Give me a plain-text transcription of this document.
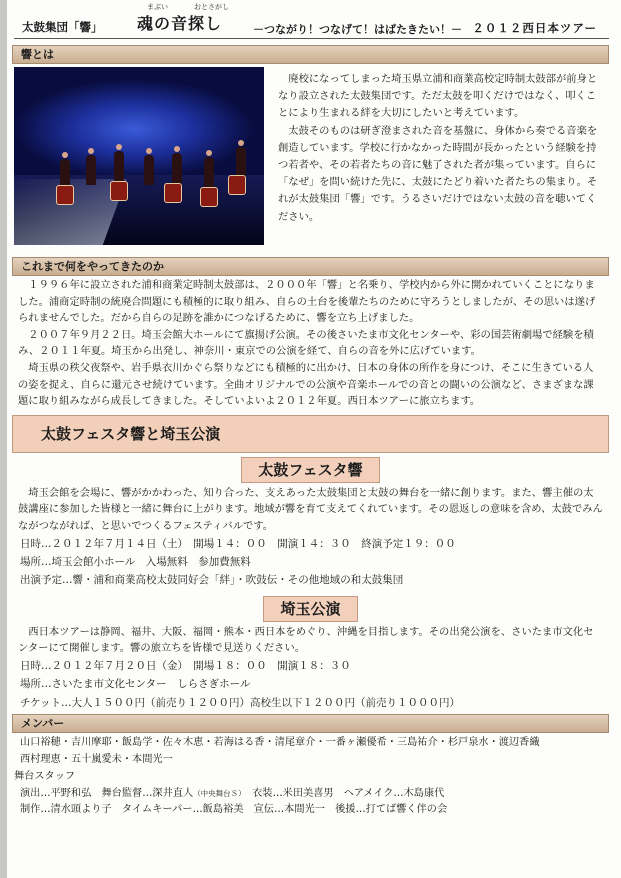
太鼓集団「響」
まぶい	おとさがし
魂の音探し	－つながり！つなげて！はばたきたい！－ ２０１２西日本ツアー
響とは

廃校になってしまった埼玉県立浦和商業高校定時制太鼓部が前身となり設立された太鼓集団です。ただ太鼓を叩くだけではなく、叩くことにより生まれる絆を大切にしたいと考えています。

太鼓そのものは研ぎ澄まされた音を基盤に、身体から奏でる音楽を創造しています。学校に行かなかった時間が長かったという経験を持つ若者や、その若者たちの音に魅了された者が集っています。自らに「なぜ」を問い続けた先に、太鼓にたどり着いた者たちの集まり。それが太鼓集団「響」です。うるさいだけではない太鼓の音を聴いてください。

これまで何をやってきたのか

１９９６年に設立された浦和商業定時制太鼓部は、２０００年「響」と名乗り、学校内から外に開かれていくことになりました。浦商定時制の統廃合問題にも積極的に取り組み、自らの土台を後輩たちのために守ろうとしましたが、その思いは遂げられませんでした。だから自らの足跡を誰かにつなげるために、響を立ち上げました。

２００７年９月２２日。埼玉会館大ホールにて旗揚げ公演。その後さいたま市文化センターや、彩の国芸術劇場で経験を積み、２０１１年夏。埼玉から出発し、神奈川・東京での公演を経て、自らの音を外に広げています。

埼玉県の秩父夜祭や、岩手県衣川かぐら祭りなどにも積極的に出かけ、日本の身体の所作を身につけ、そこに生きている人の姿を捉え、自らに還元させ続けています。全曲オリジナルでの公演や音楽ホールでの音との闘いの公演など、さまざまな課題に取り組みながら成長してきました。そしていよいよ２０１２年夏。西日本ツアーに旅立ちます。

太鼓フェスタ響と埼玉公演
太鼓フェスタ響

埼玉会館を会場に、響がかかわった、知り合った、支えあった太鼓集団と太鼓の舞台を一緒に創ります。また、響主催の太鼓講座に参加した皆様と一緒に舞台に上がります。地域が響を育て支えてくれています。その恩返しの意味を含め、太鼓でみんながつながれば、と思いでつくるフェスティバルです。

日時…２０１２年７月１４日（土）　開場１４：００　開演１４：３０　終演予定１９：００
場所…埼玉会館小ホール　入場無料　参加費無料
出演予定…響・浦和商業高校太鼓同好会「絆」・吹鼓伝・その他地域の和太鼓集団
埼玉公演

西日本ツアーは静岡、福井、大阪、福岡・熊本・西日本をめぐり、沖縄を目指します。その出発公演を、さいたま市文化センターにて開催します。響の旅立ちを皆様で見送りください。

日時…２０１２年７月２０日（金）　開場１８：００　開演１８：３０
場所…さいたま市文化センター　しらさぎホール
チケット…大人１５００円（前売り１２００円）高校生以下１２００円（前売り１０００円）
メンバー
山口裕穂・吉川摩耶・飯島学・佐々木恵・若海はる香・清尾章介・一番ヶ瀬優希・三島祐介・杉戸泉水・渡辺香織
西村理恵・五十嵐愛未・本間光一
舞台スタッフ
演出…平野和弘　舞台監督…深井直人（中央舞台Ｓ）　衣装…米田美喜男　ヘアメイク…木島康代
制作…清水頭より子　タイムキーパー…飯島裕美　宣伝…本間光一　後援…打てば響く伴の会
